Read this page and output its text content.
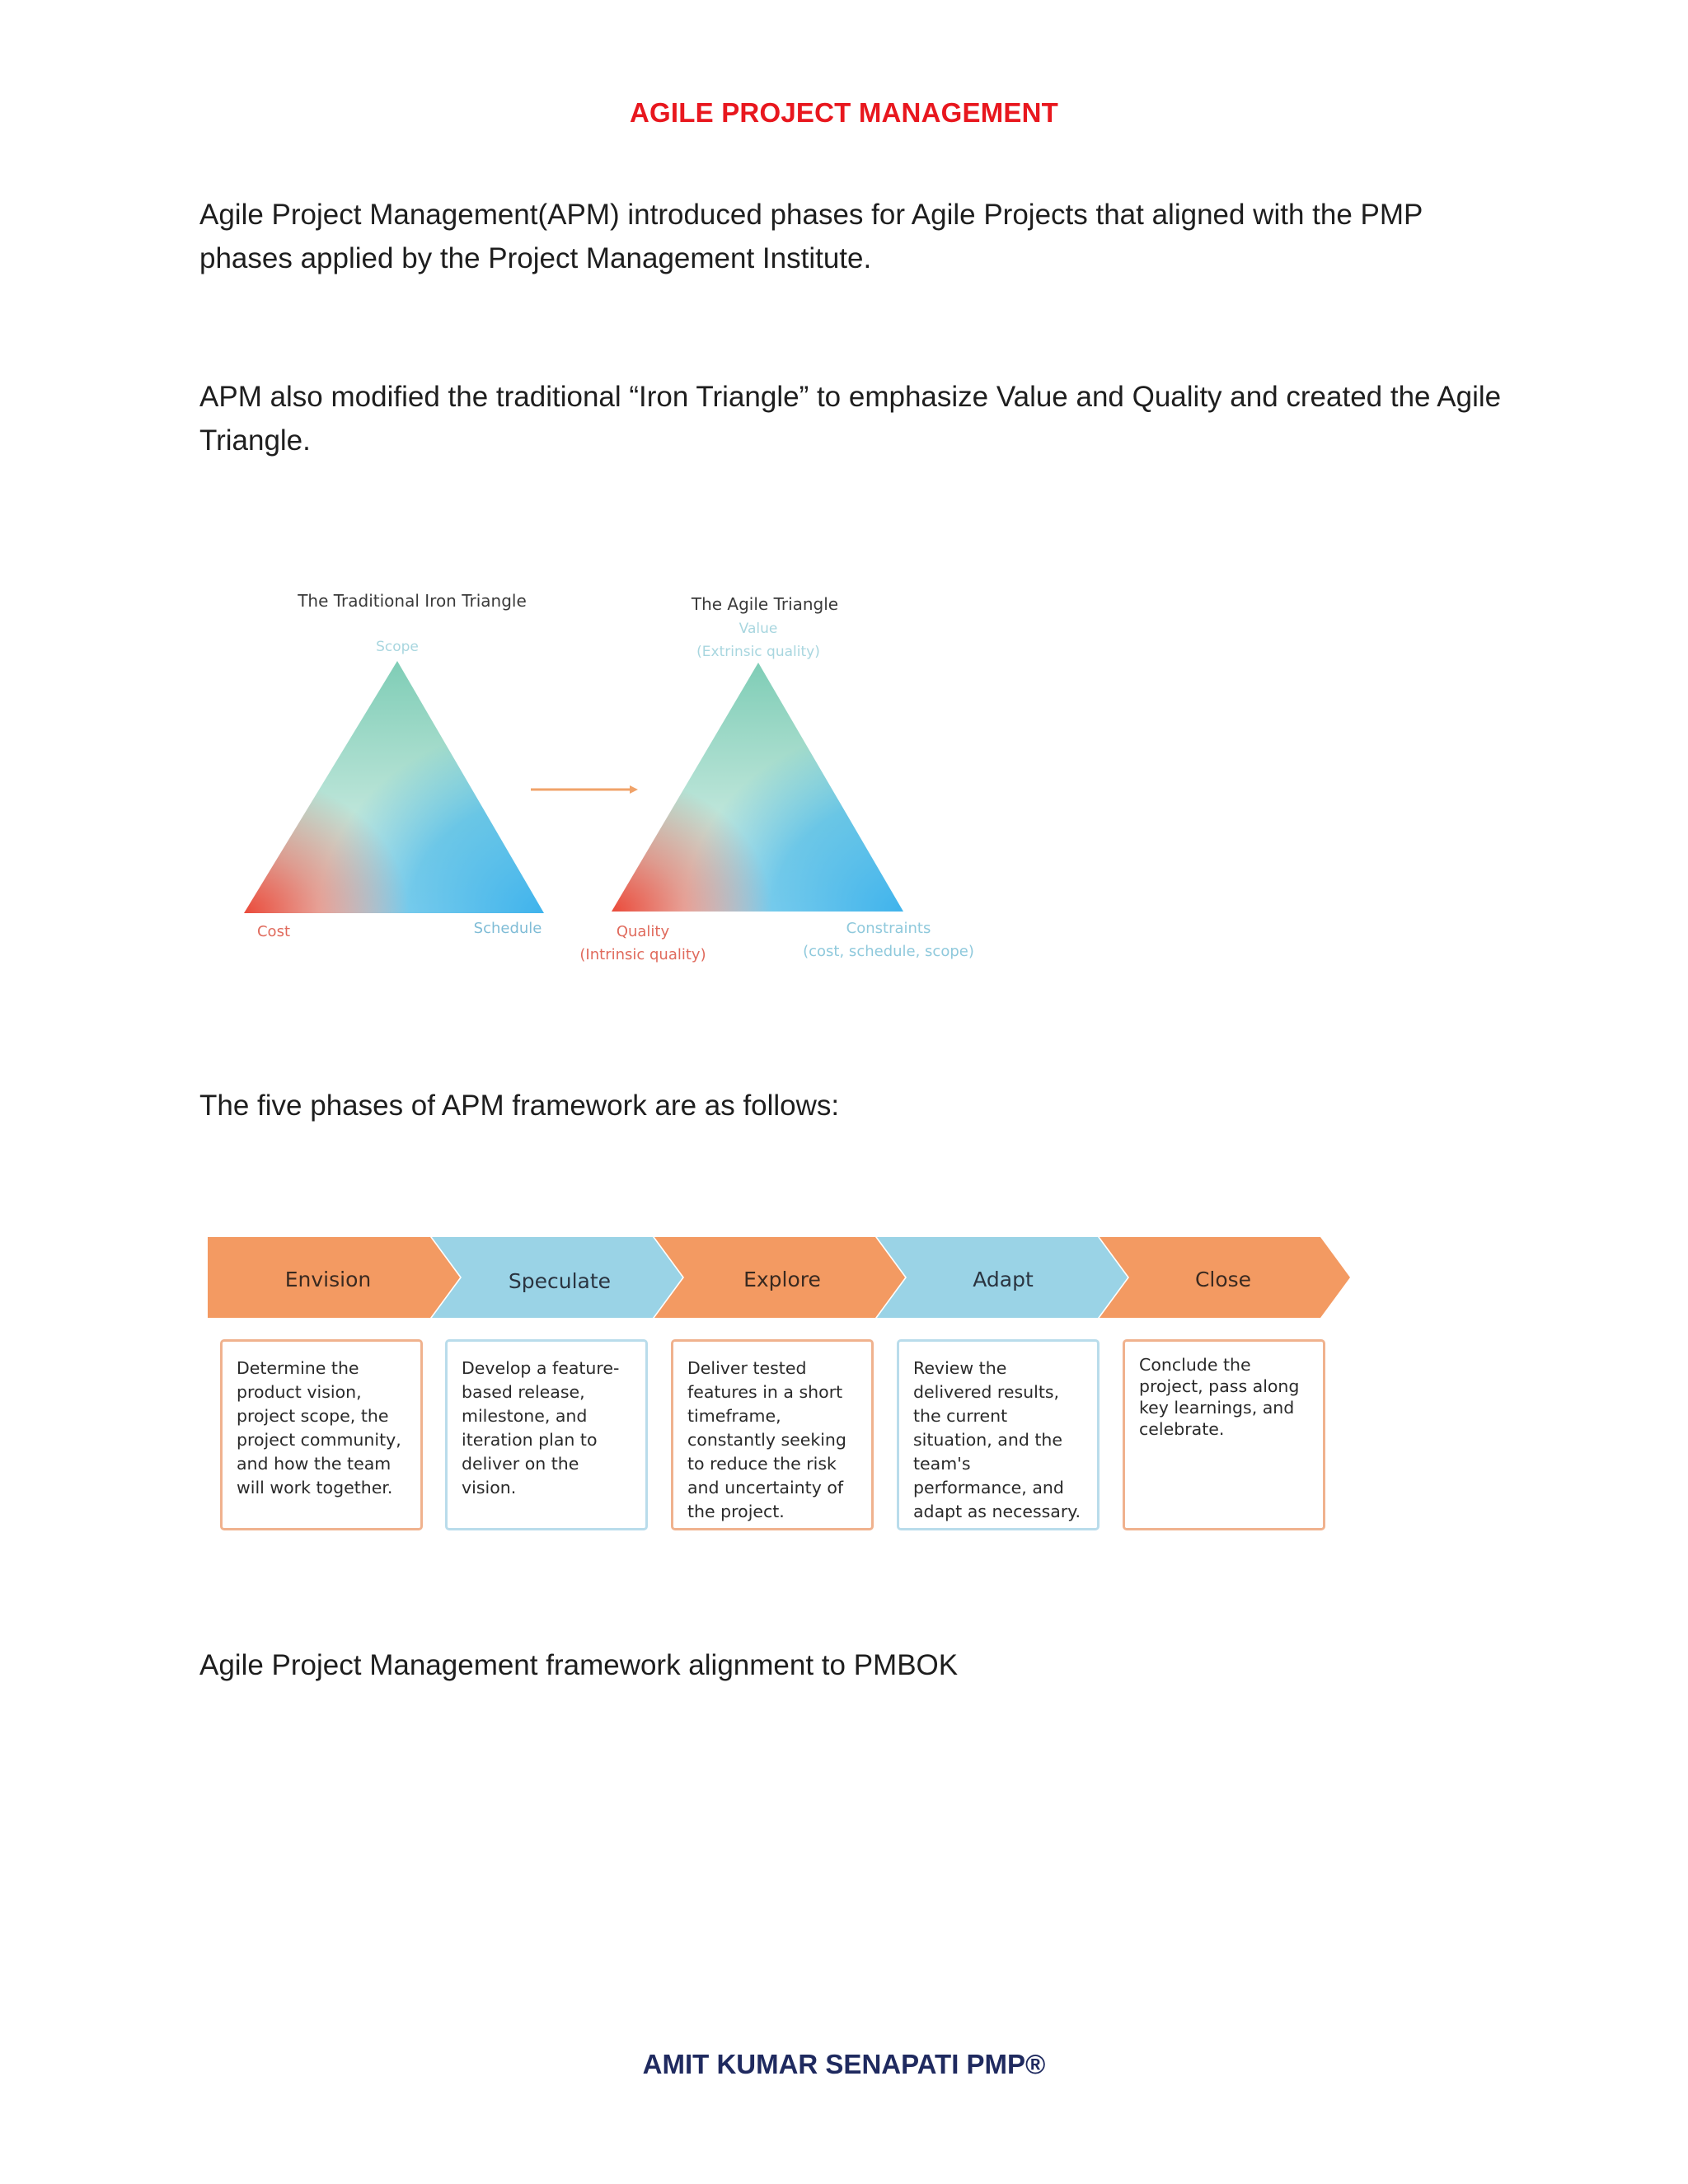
AGILE PROJECT MANAGEMENT
Agile Project Management(APM) introduced phases for Agile Projects that aligned with the PMP phases applied by the Project Management Institute.
APM also modified the traditional “Iron Triangle” to emphasize Value and Quality and created the Agile Triangle.
The Traditional Iron Triangle
Scope
Cost	Schedule
The Agile Triangle
Value
(Extrinsic quality)
Quality
(Intrinsic quality)
Constraints
(cost, schedule, scope)
The five phases of APM framework are as follows:
Envision	Speculate	Explore	Adapt	Close
Determine the product vision, project scope, the project community, and how the team will work together.
Develop a feature-based release, milestone, and iteration plan to deliver on the vision.
Deliver tested features in a short timeframe, constantly seeking to reduce the risk and uncertainty of the project.
Review the delivered results, the current situation, and the team's performance, and adapt as necessary.
Conclude the project, pass along key learnings, and celebrate.
Agile Project Management framework alignment to PMBOK
AMIT KUMAR SENAPATI PMP®
